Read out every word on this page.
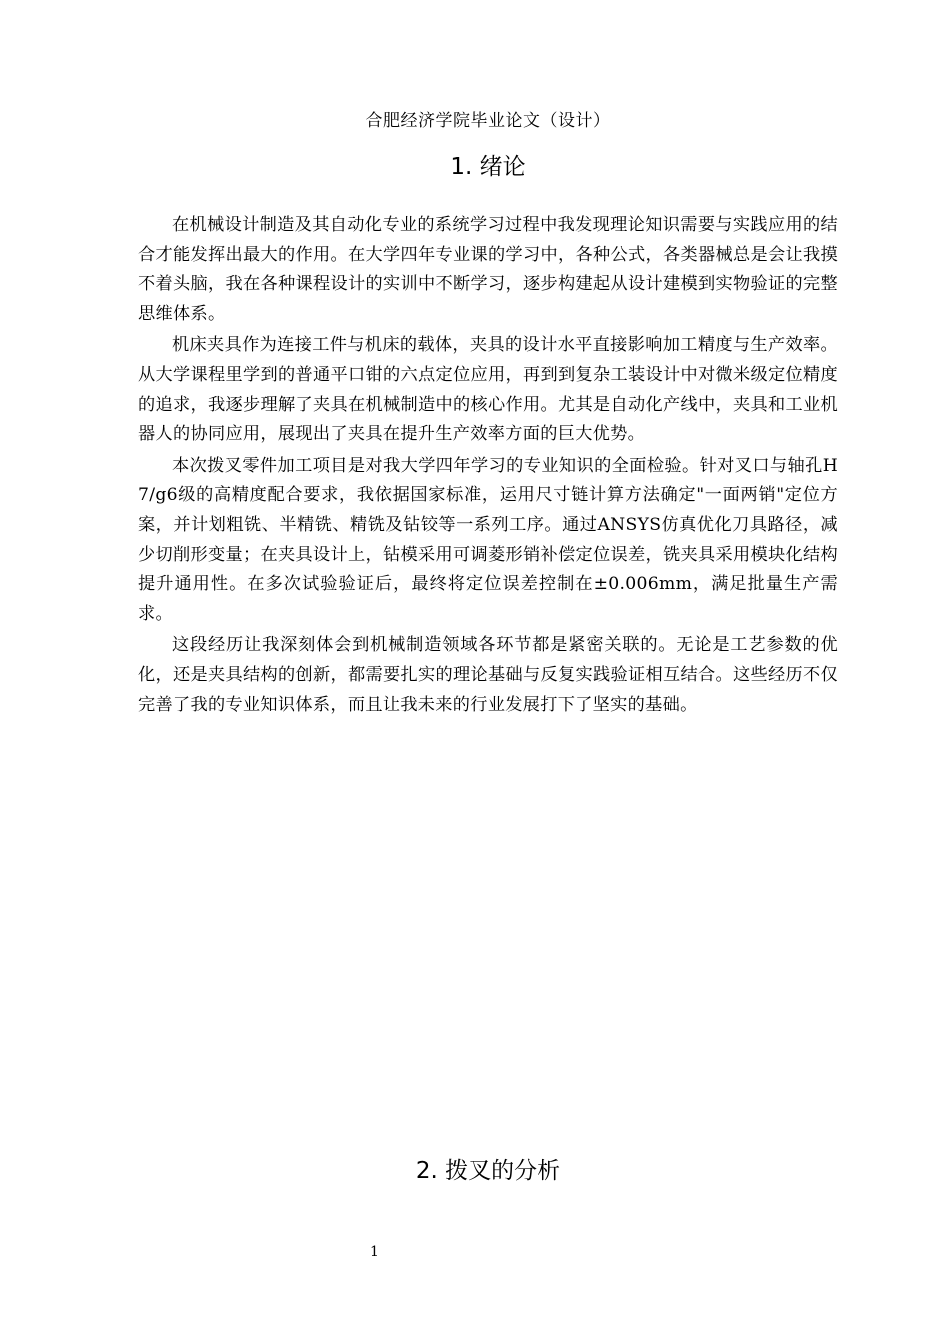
合肥经济学院毕业论文（设计）
1. 绪论

在机械设计制造及其自动化专业的系统学习过程中我发现理论知识需要与实践应用的结合才能发挥出最大的作用。在大学四年专业课的学习中，各种公式，各类器械总是会让我摸不着头脑，我在各种课程设计的实训中不断学习，逐步构建起从设计建模到实物验证的完整思维体系。

机床夹具作为连接工件与机床的载体，夹具的设计水平直接影响加工精度与生产效率。从大学课程里学到的普通平口钳的六点定位应用，再到到复杂工装设计中对微米级定位精度的追求，我逐步理解了夹具在机械制造中的核心作用。尤其是自动化产线中，夹具和工业机器人的协同应用，展现出了夹具在提升生产效率方面的巨大优势。

本次拨叉零件加工项目是对我大学四年学习的专业知识的全面检验。针对叉口与轴孔H7/g6级的高精度配合要求，我依据国家标准，运用尺寸链计算方法确定"一面两销"定位方案，并计划粗铣、半精铣、精铣及钻铰等一系列工序。通过ANSYS仿真优化刀具路径，减少切削形变量；在夹具设计上，钻模采用可调菱形销补偿定位误差，铣夹具采用模块化结构提升通用性。在多次试验验证后，最终将定位误差控制在±0.006mm，满足批量生产需求。

这段经历让我深刻体会到机械制造领域各环节都是紧密关联的。无论是工艺参数的优化，还是夹具结构的创新，都需要扎实的理论基础与反复实践验证相互结合。这些经历不仅完善了我的专业知识体系，而且让我未来的行业发展打下了坚实的基础。

2. 拨叉的分析
1
